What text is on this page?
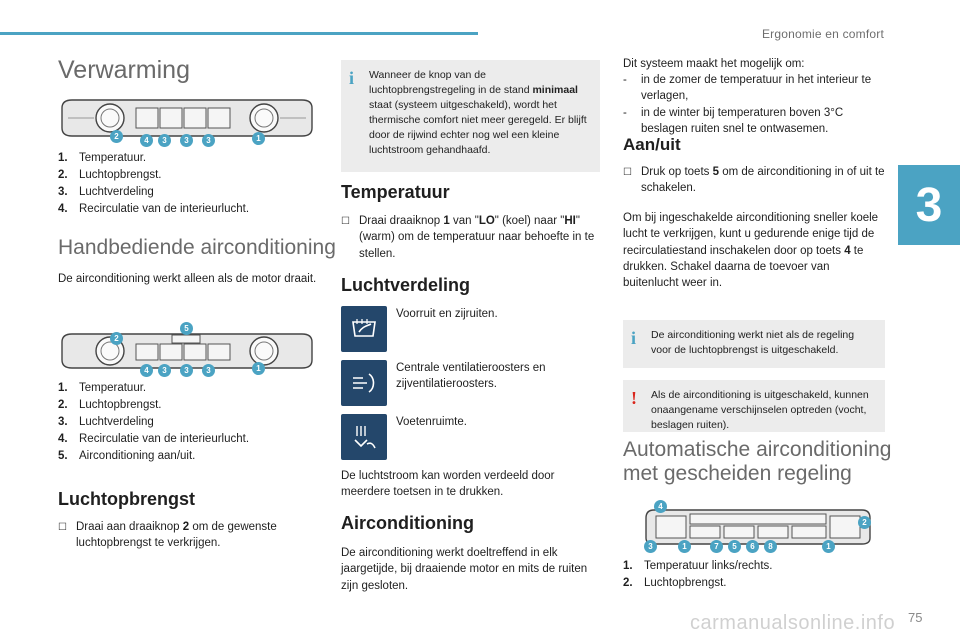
Ergonomie en comfort
3
75
carmanualsonline.info
Verwarming
2	4	3	3	3	1
1. Temperatuur.
2. Luchtopbrengst.
3. Luchtverdeling
4. Recirculatie van de interieurlucht.
Handbediende airconditioning
De airconditioning werkt alleen als de motor draait.
5
2
4	3	3	3	1
1. Temperatuur.
2. Luchtopbrengst.
3. Luchtverdeling
4. Recirculatie van de interieurlucht.
5. Airconditioning aan/uit.
Luchtopbrengst
☐ Draai aan draaiknop 2 om de gewenste luchtopbrengst te verkrijgen.
i Wanneer de knop van de luchtopbrengstregeling in de stand minimaal staat (systeem uitgeschakeld), wordt het thermische comfort niet meer geregeld. Er blijft door de rijwind echter nog wel een kleine luchtstroom gehandhaafd.
Temperatuur
☐ Draai draaiknop 1 van "LO" (koel) naar "HI" (warm) om de temperatuur naar behoefte in te stellen.
Luchtverdeling
Voorruit en zijruiten.
Centrale ventilatieroosters en zijventilatieroosters.
Voetenruimte.
De luchtstroom kan worden verdeeld door meerdere toetsen in te drukken.
Airconditioning
De airconditioning werkt doeltreffend in elk jaargetijde, bij draaiende motor en mits de ruiten zijn gesloten.
Dit systeem maakt het mogelijk om:
-	in de zomer de temperatuur in het interieur te verlagen,
-	in de winter bij temperaturen boven 3°C beslagen ruiten snel te ontwasemen.
Aan/uit
☐ Druk op toets 5 om de airconditioning in of uit te schakelen.
Om bij ingeschakelde airconditioning sneller koele lucht te verkrijgen, kunt u gedurende enige tijd de recirculatiestand inschakelen door op toets 4 te drukken. Schakel daarna de toevoer van buitenlucht weer in.
i De airconditioning werkt niet als de regeling voor de luchtopbrengst is uitgeschakeld.
! Als de airconditioning is uitgeschakeld, kunnen onaangename verschijnselen optreden (vocht, beslagen ruiten).
Automatische airconditioning met gescheiden regeling
4
2
3	1	7	5	6	8	1
1. Temperatuur links/rechts.
2. Luchtopbrengst.
